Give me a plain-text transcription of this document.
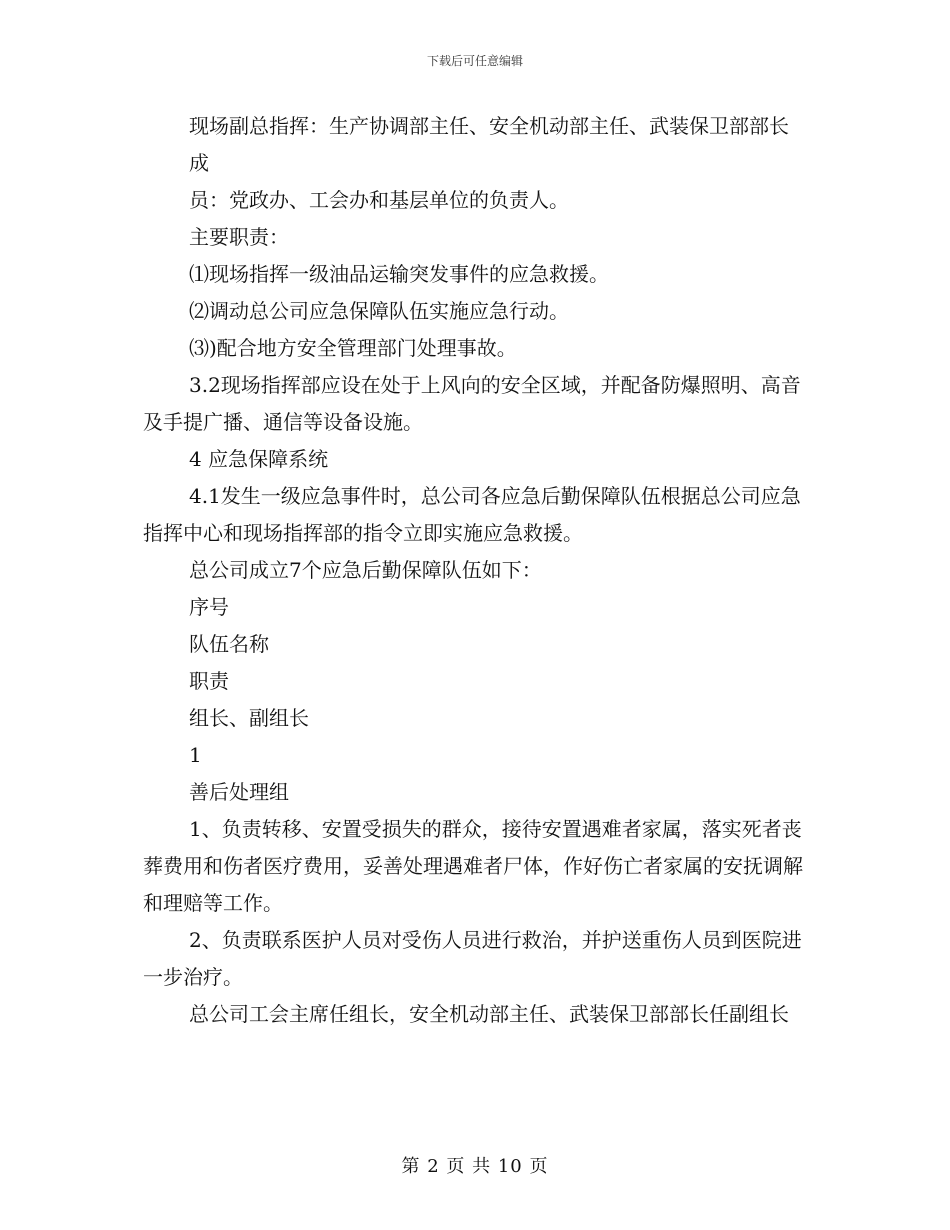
下载后可任意编辑

现场副总指挥：生产协调部主任、安全机动部主任、武装保卫部部长

成

员：党政办、工会办和基层单位的负责人。

主要职责：

⑴现场指挥一级油品运输突发事件的应急救援。

⑵调动总公司应急保障队伍实施应急行动。

⑶)配合地方安全管理部门处理事故。

3.2现场指挥部应设在处于上风向的安全区域，并配备防爆照明、高音及手提广播、通信等设备设施。

4 应急保障系统

4.1发生一级应急事件时，总公司各应急后勤保障队伍根据总公司应急指挥中心和现场指挥部的指令立即实施应急救援。

总公司成立7个应急后勤保障队伍如下：

序号

队伍名称

职责

组长、副组长

1

善后处理组

1、负责转移、安置受损失的群众，接待安置遇难者家属，落实死者丧葬费用和伤者医疗费用，妥善处理遇难者尸体，作好伤亡者家属的安抚调解和理赔等工作。

2、负责联系医护人员对受伤人员进行救治，并护送重伤人员到医院进一步治疗。

总公司工会主席任组长，安全机动部主任、武装保卫部部长任副组长

第 2 页 共 10 页
